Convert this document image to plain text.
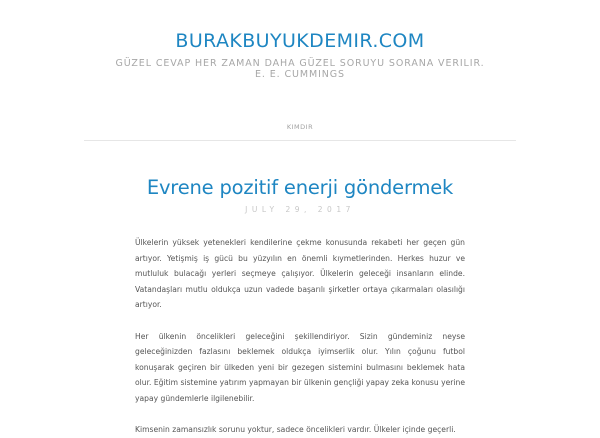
BURAKBUYUKDEMIR.COM
GÜZEL CEVAP HER ZAMAN DAHA GÜZEL SORUYU SORANA VERILIR. E. E. CUMMINGS
KIMDIR
Evrene pozitif enerji göndermek
JULY 29, 2017

Ülkelerin yüksek yetenekleri kendilerine çekme konusunda rekabeti her geçen gün artıyor. Yetişmiş iş gücü bu yüzyılın en önemli kıymetlerinden. Herkes huzur ve mutluluk bulacağı yerleri seçmeye çalışıyor. Ülkelerin geleceği insanların elinde. Vatandaşları mutlu oldukça uzun vadede başarılı şirketler ortaya çıkarmaları olasılığı artıyor.

Her ülkenin öncelikleri geleceğini şekillendiriyor. Sizin gündeminiz neyse geleceğinizden fazlasını beklemek oldukça iyimserlik olur. Yılın çoğunu futbol konuşarak geçiren bir ülkeden yeni bir gezegen sistemini bulmasını beklemek hata olur. Eğitim sistemine yatırım yapmayan bir ülkenin gençliği yapay zeka konusu yerine yapay gündemlerle ilgilenebilir.

Kimsenin zamansızlık sorunu yoktur, sadece öncelikleri vardır. Ülkeler içinde geçerli.
